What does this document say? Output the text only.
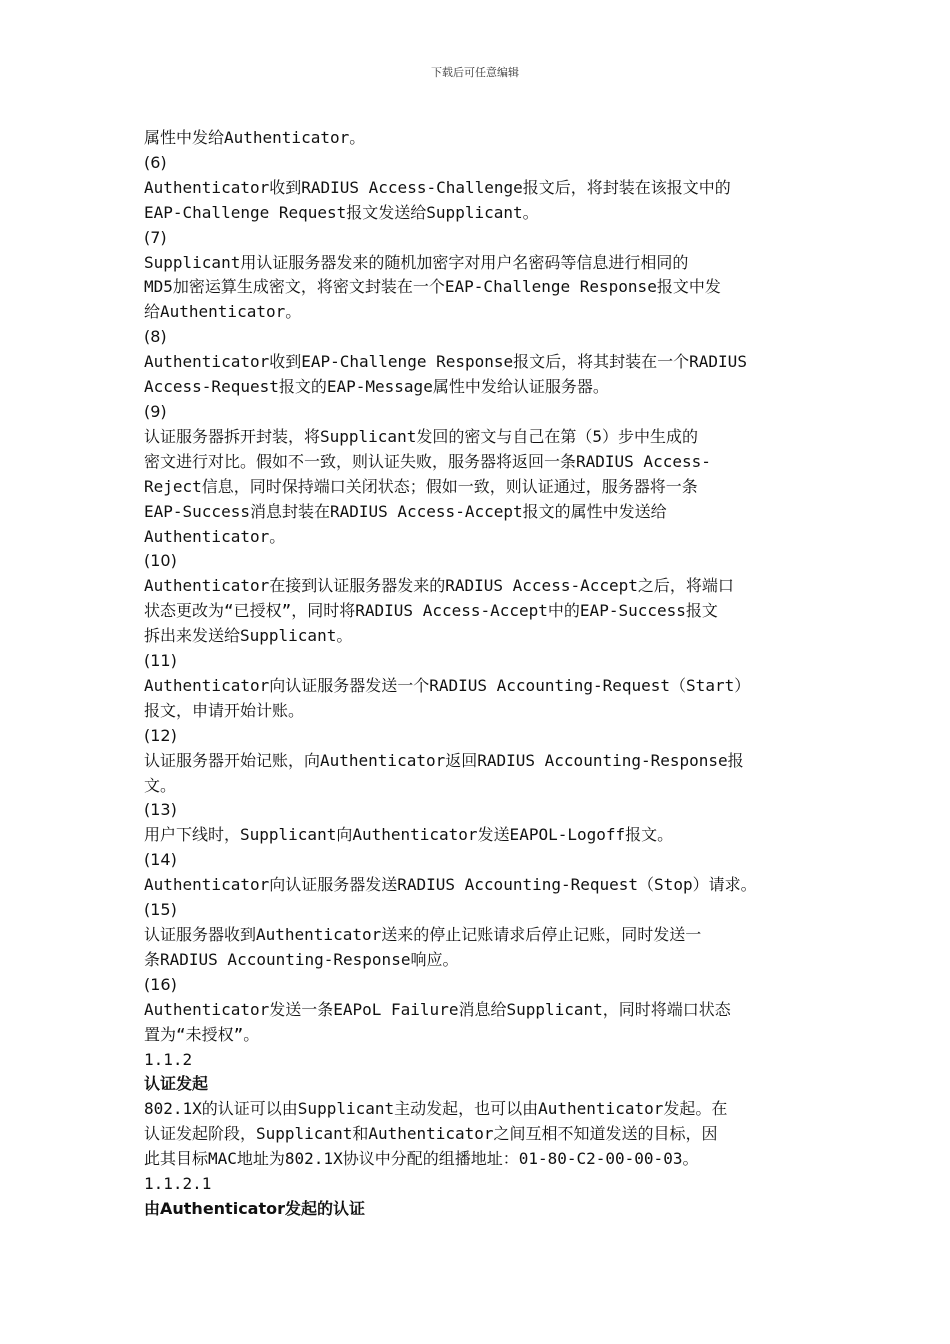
下载后可任意编辑

属性中发给Authenticator。

(6)

Authenticator收到RADIUS Access-Challenge报文后，将封装在该报文中的

EAP-Challenge Request报文发送给Supplicant。

(7)

Supplicant用认证服务器发来的随机加密字对用户名密码等信息进行相同的

MD5加密运算生成密文，将密文封装在一个EAP-Challenge Response报文中发

给Authenticator。

(8)

Authenticator收到EAP-Challenge Response报文后，将其封装在一个RADIUS

Access-Request报文的EAP-Message属性中发给认证服务器。

(9)

认证服务器拆开封装，将Supplicant发回的密文与自己在第（5）步中生成的

密文进行对比。假如不一致，则认证失败，服务器将返回一条RADIUS Access-

Reject信息，同时保持端口关闭状态；假如一致，则认证通过，服务器将一条

EAP-Success消息封装在RADIUS Access-Accept报文的属性中发送给

Authenticator。

(10)

Authenticator在接到认证服务器发来的RADIUS Access-Accept之后，将端口

状态更改为“已授权”，同时将RADIUS Access-Accept中的EAP-Success报文

拆出来发送给Supplicant。

(11)

Authenticator向认证服务器发送一个RADIUS Accounting-Request（Start）

报文，申请开始计账。

(12)

认证服务器开始记账，向Authenticator返回RADIUS Accounting-Response报

文。

(13)

用户下线时，Supplicant向Authenticator发送EAPOL-Logoff报文。

(14)

Authenticator向认证服务器发送RADIUS Accounting-Request（Stop）请求。

(15)

认证服务器收到Authenticator送来的停止记账请求后停止记账，同时发送一

条RADIUS Accounting-Response响应。

(16)

Authenticator发送一条EAPoL Failure消息给Supplicant，同时将端口状态

置为“未授权”。

1.1.2

认证发起

802.1X的认证可以由Supplicant主动发起，也可以由Authenticator发起。在

认证发起阶段，Supplicant和Authenticator之间互相不知道发送的目标，因

此其目标MAC地址为802.1X协议中分配的组播地址：01-80-C2-00-00-03。

1.1.2.1

由Authenticator发起的认证
